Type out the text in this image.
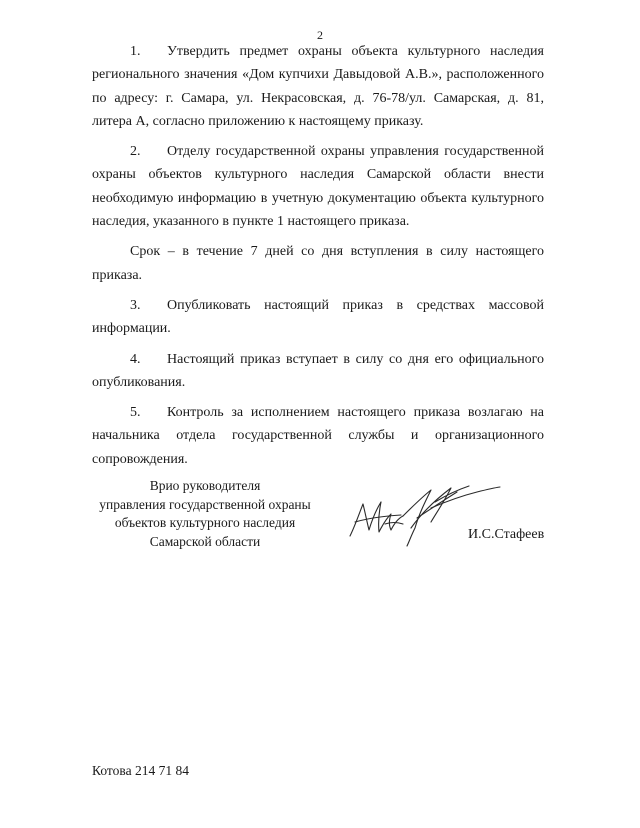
2

1. Утвердить предмет охраны объекта культурного наследия регионального значения «Дом купчихи Давыдовой А.В.», расположенного по адресу: г. Самара, ул. Некрасовская, д. 76-78/ул. Самарская, д. 81, литера А, согласно приложению к настоящему приказу.

2. Отделу государственной охраны управления государственной охраны объектов культурного наследия Самарской области внести необходимую информацию в учетную документацию объекта культурного наследия, указанного в пункте 1 настоящего приказа.

Срок – в течение 7 дней со дня вступления в силу настоящего приказа.

3. Опубликовать настоящий приказ в средствах массовой информации.

4. Настоящий приказ вступает в силу со дня его официального опубликования.

5. Контроль за исполнением настоящего приказа возлагаю на начальника отдела государственной службы и организационного сопровождения.

Врио руководителя
управления государственной охраны
объектов культурного наследия
Самарской области	И.С.Стафеев
Котова 214 71 84
